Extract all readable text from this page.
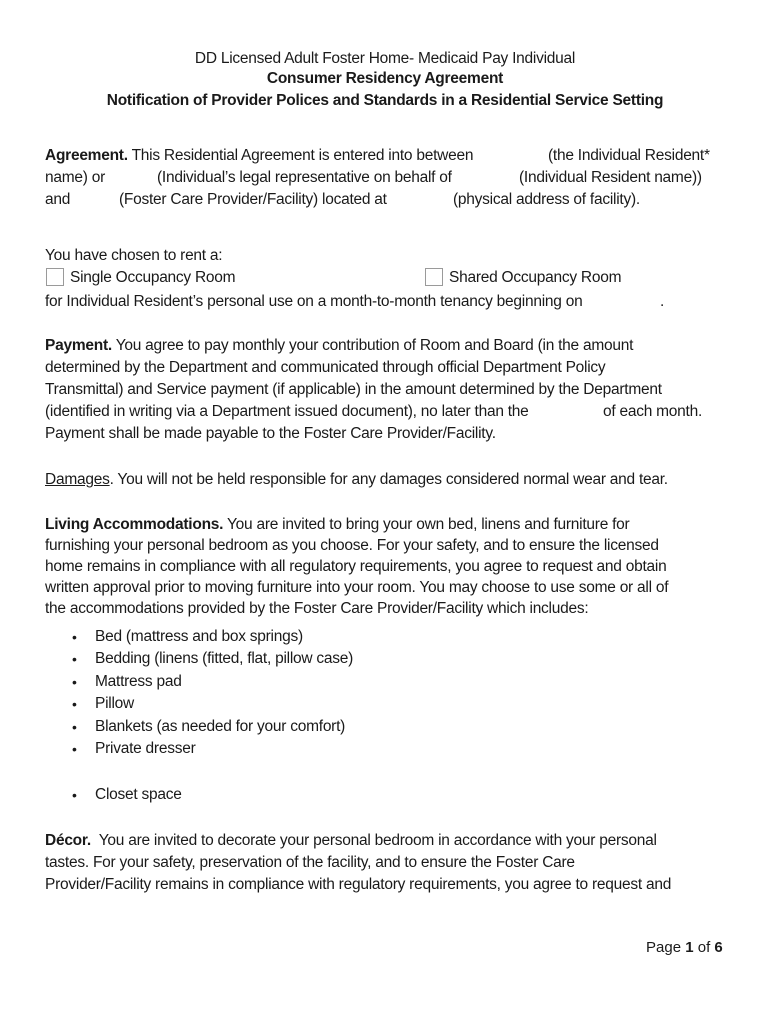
DD Licensed Adult Foster Home- Medicaid Pay Individual
Consumer Residency Agreement
Notification of Provider Polices and Standards in a Residential Service Setting
Agreement. This Residential Agreement is entered into between	(the Individual Resident*
name) or	(Individual’s legal representative on behalf of	(Individual Resident name))
and	(Foster Care Provider/Facility) located at	(physical address of facility).
You have chosen to rent a:
Single Occupancy Room	Shared Occupancy Room
for Individual Resident’s personal use on a month-to-month tenancy beginning on	.
Payment. You agree to pay monthly your contribution of Room and Board (in the amount
determined by the Department and communicated through official Department Policy
Transmittal) and Service payment (if applicable) in the amount determined by the Department
(identified in writing via a Department issued document), no later than the	of each month.
Payment shall be made payable to the Foster Care Provider/Facility.
Damages. You will not be held responsible for any damages considered normal wear and tear.
Living Accommodations. You are invited to bring your own bed, linens and furniture for
furnishing your personal bedroom as you choose. For your safety, and to ensure the licensed
home remains in compliance with all regulatory requirements, you agree to request and obtain
written approval prior to moving furniture into your room. You may choose to use some or all of
the accommodations provided by the Foster Care Provider/Facility which includes:
• Bed (mattress and box springs)
• Bedding (linens (fitted, flat, pillow case)
• Mattress pad
• Pillow
• Blankets (as needed for your comfort)
• Private dresser
• Closet space
Décor. You are invited to decorate your personal bedroom in accordance with your personal
tastes. For your safety, preservation of the facility, and to ensure the Foster Care
Provider/Facility remains in compliance with regulatory requirements, you agree to request and
Page 1 of 6
